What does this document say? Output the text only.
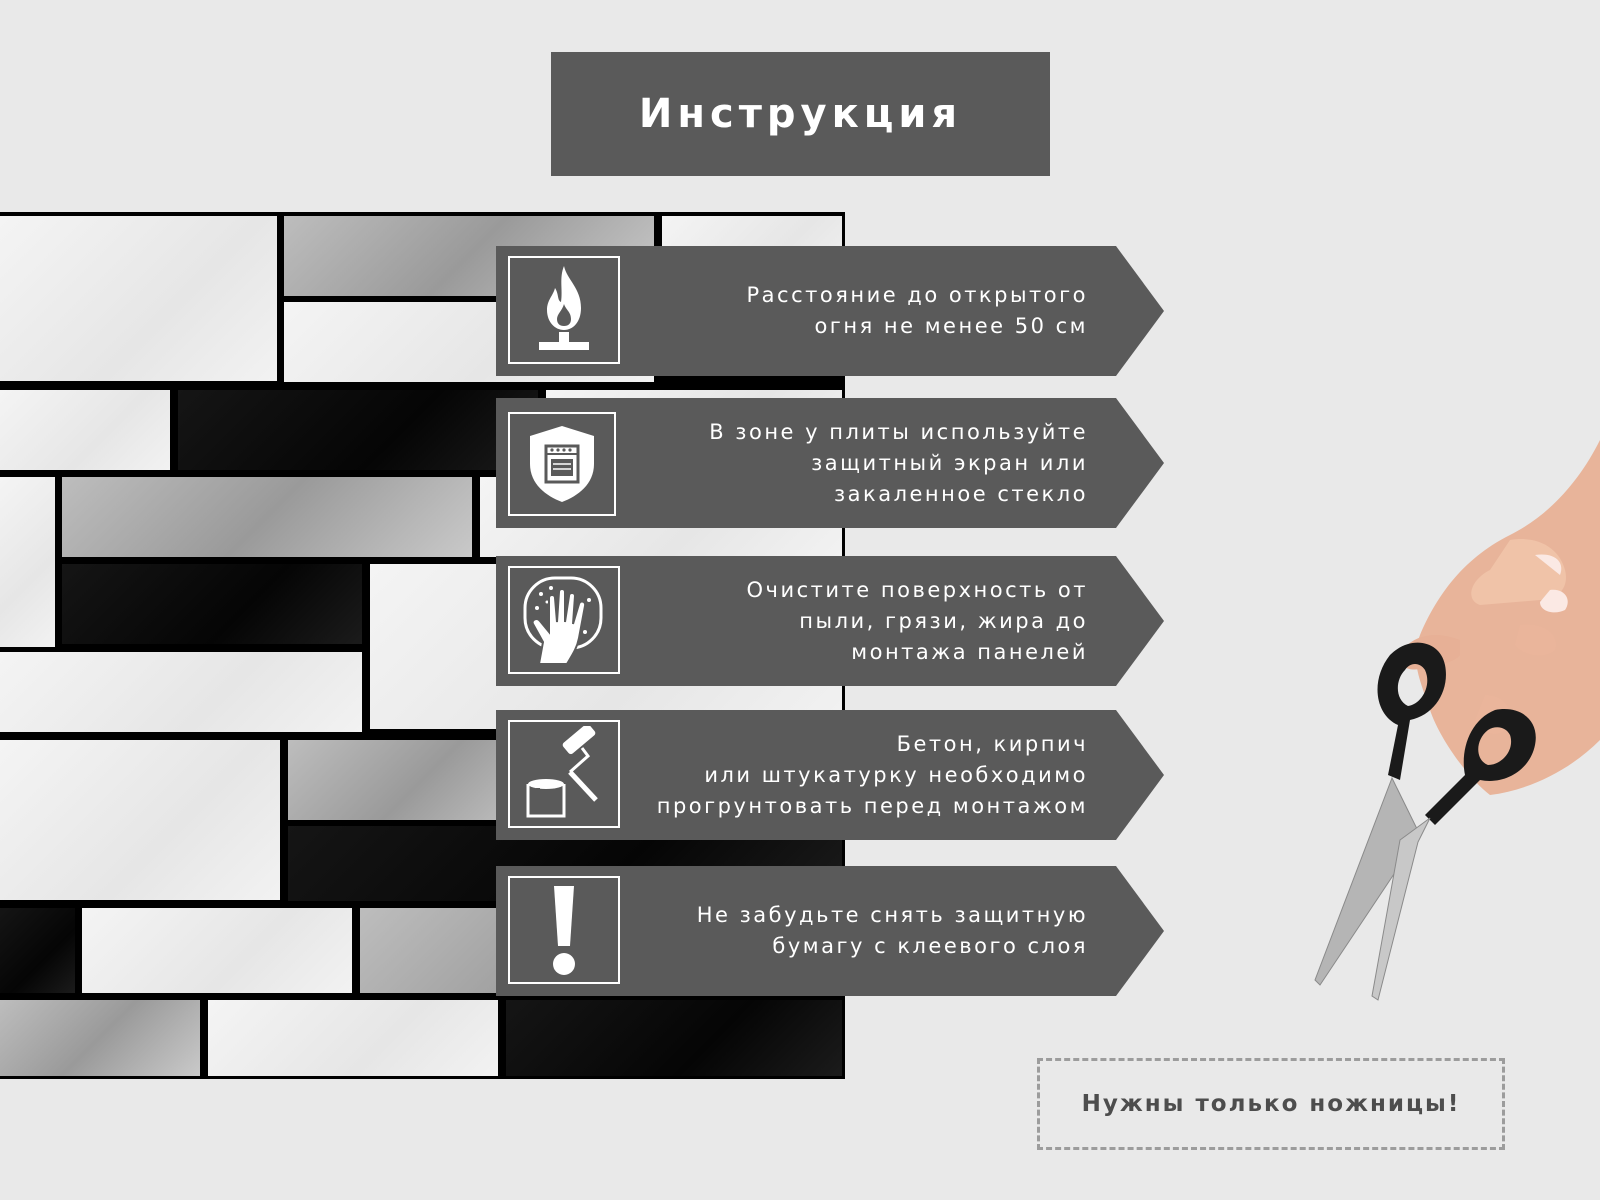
Инструкция
Расстояние до открытого
огня не менее 50 см
В зоне у плиты используйте
защитный экран или
закаленное стекло
Очистите поверхность от
пыли, грязи, жира до
монтажа панелей
Бетон, кирпич
или штукатурку необходимо
прогрунтовать перед монтажом
Не забудьте снять защитную
бумагу с клеевого слоя
Нужны только ножницы!
